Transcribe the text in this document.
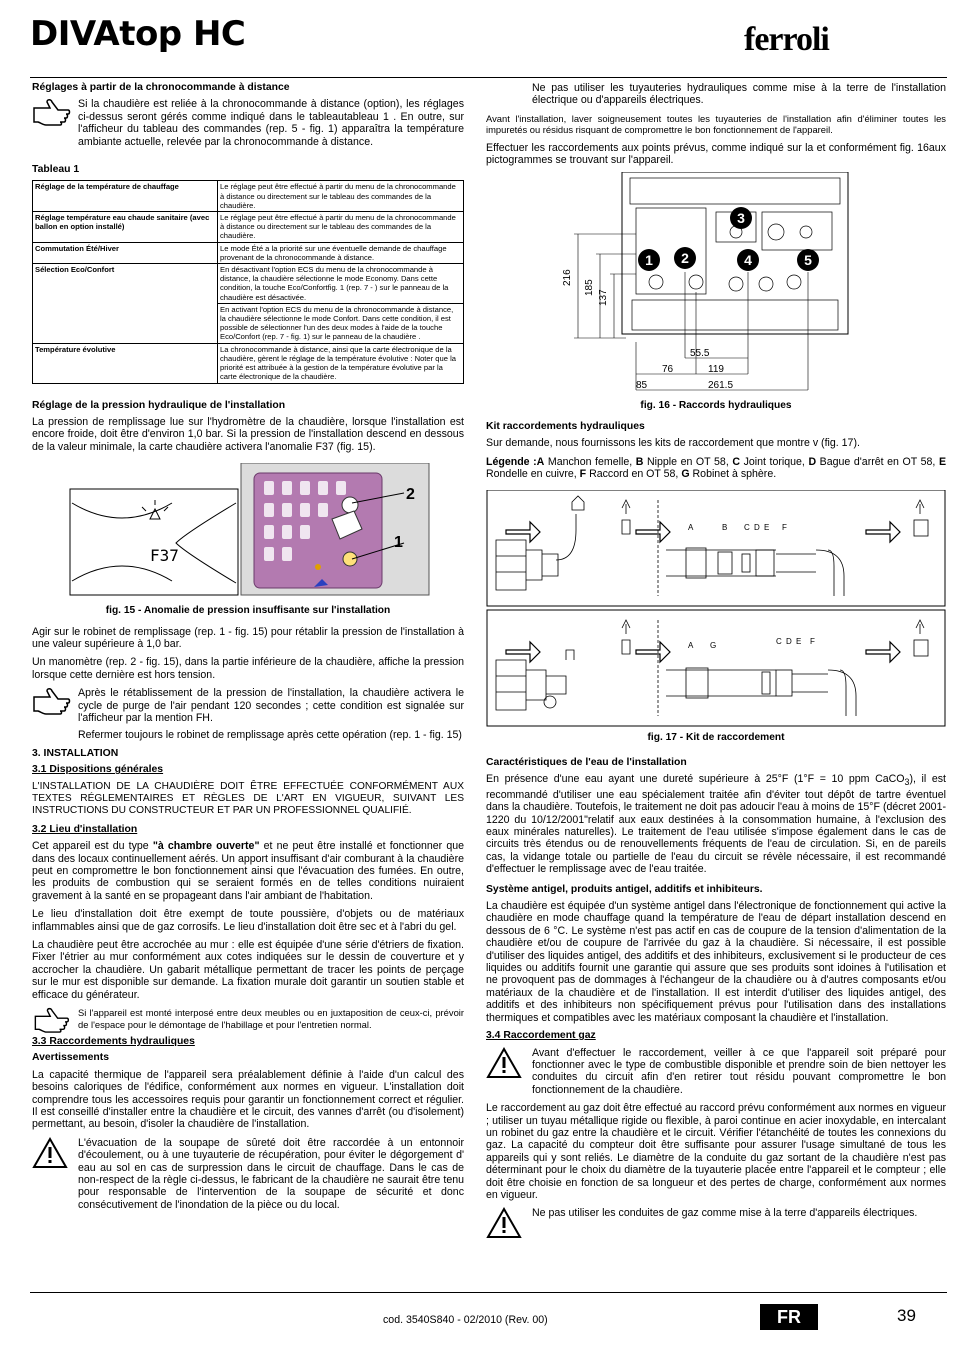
DIVAtop HC	ferroli
Réglages à partir de la chronocommande à distance

Si la chaudière est reliée à la chronocommande à distance (option), les réglages ci-dessus seront gérés comme indiqué dans le tableautableau 1 . En outre, sur l'afficheur du tableau des commandes (rep. 5 - fig. 1) apparaîtra la température ambiante actuelle, relevée par la chronocommande à distance.

Tableau 1
Réglage de la température de chauffage	Le réglage peut être effectué à partir du menu de la chronocommande à distance ou directement sur le tableau des commandes de la chaudière.
Réglage température eau chaude sanitaire (avec ballon en option installé)	Le réglage peut être effectué à partir du menu de la chronocommande à distance ou directement sur le tableau des commandes de la chaudière.
Commutation Été/Hiver	Le mode Été a la priorité sur une éventuelle demande de chauffage provenant de la chronocommande à distance.
Sélection Eco/Confort	En désactivant l'option ECS du menu de la chronocommande à distance, la chaudière sélectionne le mode Economy. Dans cette condition, la touche Eco/Confortfig. 1 (rep. 7 - ) sur le panneau de la chaudière est désactivée.
	En activant l'option ECS du menu de la chronocommande à distance, la chaudière sélectionne le mode Confort. Dans cette condition, il est possible de sélectionner l'un des deux modes à l'aide de la touche Eco/Confort (rep. 7 - fig. 1) sur le panneau de la chaudière .
Température évolutive	La chronocommande à distance, ainsi que la carte électronique de la chaudière, gèrent le réglage de la température évolutive : Noter que la priorité est attribuée à la gestion de la température évolutive par la carte électronique de la chaudière.
Réglage de la pression hydraulique de l'installation

La pression de remplissage lue sur l'hydromètre de la chaudière, lorsque l'installation est encore froide, doit être d'environ 1,0 bar. Si la pression de l'installation descend en dessous de la valeur minimale, la carte chaudière activera l'anomalie F37 (fig. 15).

F37
2
1
fig. 15 - Anomalie de pression insuffisante sur l'installation

Agir sur le robinet de remplissage (rep. 1 - fig. 15) pour rétablir la pression de l'installation à une valeur supérieure à 1,0 bar.

Un manomètre (rep. 2 - fig. 15), dans la partie inférieure de la chaudière, affiche la pression lorsque cette dernière est hors tension.

Après le rétablissement de la pression de l'installation, la chaudière activera le cycle de purge de l'air pendant 120 secondes ; cette condition est signalée sur l'afficheur par la mention FH.

Refermer toujours le robinet de remplissage après cette opération (rep. 1 - fig. 15)

3. INSTALLATION
3.1 Dispositions générales

L'INSTALLATION DE LA CHAUDIÈRE DOIT ÊTRE EFFECTUÉE CONFORMÉMENT AUX TEXTES RÉGLEMENTAIRES ET RÈGLES DE L'ART EN VIGUEUR, SUIVANT LES INSTRUCTIONS DU CONSTRUCTEUR ET PAR UN PROFESSIONNEL QUALIFIÉ.

3.2 Lieu d'installation

Cet appareil est du type "à chambre ouverte" et ne peut être installé et fonctionner que dans des locaux continuellement aérés. Un apport insuffisant d'air comburant à la chaudière peut en compromettre le bon fonctionnement ainsi que l'évacuation des fumées. En outre, les produits de combustion qui se seraient formés en de telles conditions nuiraient gravement à la santé en se propageant dans l'air ambiant de l'habitation.

Le lieu d'installation doit être exempt de toute poussière, d'objets ou de matériaux inflammables ainsi que de gaz corrosifs. Le lieu d'installation doit être sec et à l'abri du gel.

La chaudière peut être accrochée au mur : elle est équipée d'une série d'étriers de fixation. Fixer l'étrier au mur conformément aux cotes indiquées sur le dessin de couverture et y accrocher la chaudière. Un gabarit métallique permettant de tracer les points de perçage sur le mur est disponible sur demande. La fixation murale doit garantir un soutien stable et efficace du générateur.

Si l'appareil est monté interposé entre deux meubles ou en juxtaposition de ceux-ci, prévoir de l'espace pour le démontage de l'habillage et pour l'entretien normal.

3.3 Raccordements hydrauliques
Avertissements

La capacité thermique de l'appareil sera préalablement définie à l'aide d'un calcul des besoins caloriques de l'édifice, conformément aux normes en vigueur. L'installation doit comprendre tous les accessoires requis pour garantir un fonctionnement correct et régulier. Il est conseillé d'installer entre la chaudière et le circuit, des vannes d'arrêt (ou d'isolement) permettant, au besoin, d'isoler la chaudière de l'installation.

L'évacuation de la soupape de sûreté doit être raccordée à un entonnoir d'écoulement, ou à une tuyauterie de récupération, pour éviter le dégorgement d' eau au sol en cas de surpression dans le circuit de chauffage. Dans le cas de non-respect de la règle ci-dessus, le fabricant de la chaudière ne saurait être tenu pour responsable de l'intervention de la soupape de sécurité et donc consécutivement de l'inondation de la pièce ou du local.

Ne pas utiliser les tuyauteries hydrauliques comme mise à la terre de l'installation électrique ou d'appareils électriques.

Avant l'installation, laver soigneusement toutes les tuyauteries de l'installation afin d'éliminer toutes les impuretés ou résidus risquant de compromettre le bon fonctionnement de l'appareil.

Effectuer les raccordements aux points prévus, comme indiqué sur la et conformément fig. 16aux pictogrammes se trouvant sur l'appareil.

1 2
3
4	5
216
185
137
55.5
76	119
85	261.5
fig. 16 - Raccords hydrauliques
Kit raccordements hydrauliques

Sur demande, nous fournissons les kits de raccordement que montre v (fig. 17).

Légende :A Manchon femelle, B Nipple en OT 58, C Joint torique, D Bague d'arrêt en OT 58, E Rondelle en cuivre, F Raccord en OT 58, G Robinet à sphère.

A	B C D E F
A G	C D E F
fig. 17 - Kit de raccordement
Caractéristiques de l'eau de l'installation

En présence d'une eau ayant une dureté supérieure à 25°F (1°F = 10 ppm CaCO$_3$), il est recommandé d'utiliser une eau spécialement traitée afin d'éviter tout dépôt de tartre éventuel dans la chaudière. Toutefois, le traitement ne doit pas adoucir l'eau à moins de 15°F (décret 2001-1220 du 10/12/2001"relatif aux eaux destinées à la consommation humaine, à l'exclusion des eaux minérales naturelles). Le traitement de l'eau utilisée s'impose également dans le cas de circuits très étendus ou de renouvellements fréquents de l'eau de circulation. Si, en de pareils cas, la vidange totale ou partielle de l'eau du circuit se révèle nécessaire, il est recommandé d'effectuer le remplissage avec de l'eau traitée.

Système antigel, produits antigel, additifs et inhibiteurs.

La chaudière est équipée d'un système antigel dans l'électronique de fonctionnement qui active la chaudière en mode chauffage quand la température de l'eau de départ installation descend en dessous de 6 °C. Le système n'est pas actif en cas de coupure de la tension d'alimentation de la chaudière et/ou de coupure de l'arrivée du gaz à la chaudière. Si nécessaire, il est possible d'utiliser des liquides antigel, des additifs et des inhibiteurs, exclusivement si le producteur de ces liquides ou additifs fournit une garantie qui assure que ses produits sont idoines à l'utilisation et ne provoquent pas de dommages à l'échangeur de la chaudière ou à d'autres composants et/ou matériaux de la chaudière et de l'installation. Il est interdit d'utiliser des liquides antigel, des additifs et des inhibiteurs non spécifiquement prévus pour l'utilisation dans des installations thermiques et compatibles avec les matériaux composant la chaudière et l'installation.

3.4 Raccordement gaz

Avant d'effectuer le raccordement, veiller à ce que l'appareil soit préparé pour fonctionner avec le type de combustible disponible et prendre soin de bien nettoyer les conduites du circuit afin d'en retirer tout résidu pouvant compromettre le bon fonctionnement de la chaudière.

Le raccordement au gaz doit être effectué au raccord prévu conformément aux normes en vigueur ; utiliser un tuyau métallique rigide ou flexible, à paroi continue en acier inoxydable, en intercalant un robinet du gaz entre la chaudière et le circuit. Vérifier l'étanchéité de toutes les connexions du gaz. La capacité du compteur doit être suffisante pour assurer l'usage simultané de tous les appareils qui y sont reliés. Le diamètre de la conduite du gaz sortant de la chaudière n'est pas déterminant pour le choix du diamètre de la tuyauterie placée entre l'appareil et le compteur ; elle doit être choisie en fonction de sa longueur et des pertes de charge, conformément aux normes en vigueur.

Ne pas utiliser les conduites de gaz comme mise à la terre d'appareils électriques.

cod. 3540S840 - 02/2010 (Rev. 00)	FR	39
